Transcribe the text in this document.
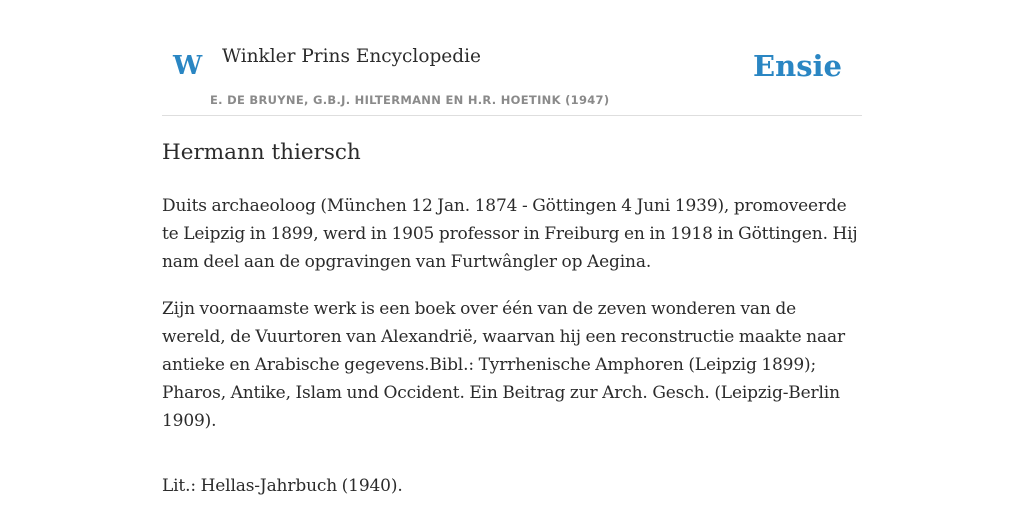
W Winkler Prins Encyclopedie
E. DE BRUYNE, G.B.J. HILTERMANN EN H.R. HOETINK (1947)
Ensie
Hermann thiersch

Duits archaeoloog (München 12 Jan. 1874 - Göttingen 4 Juni 1939), promoveerde te Leipzig in 1899, werd in 1905 professor in Freiburg en in 1918 in Göttingen. Hij nam deel aan de opgravingen van Furtwângler op Aegina.

Zijn voornaamste werk is een boek over één van de zeven wonderen van de wereld, de Vuurtoren van Alexandrië, waarvan hij een reconstructie maakte naar antieke en Arabische gegevens.Bibl.: Tyrrhenische Amphoren (Leipzig 1899); Pharos, Antike, Islam und Occident. Ein Beitrag zur Arch. Gesch. (Leipzig-Berlin 1909).

Lit.: Hellas-Jahrbuch (1940).
